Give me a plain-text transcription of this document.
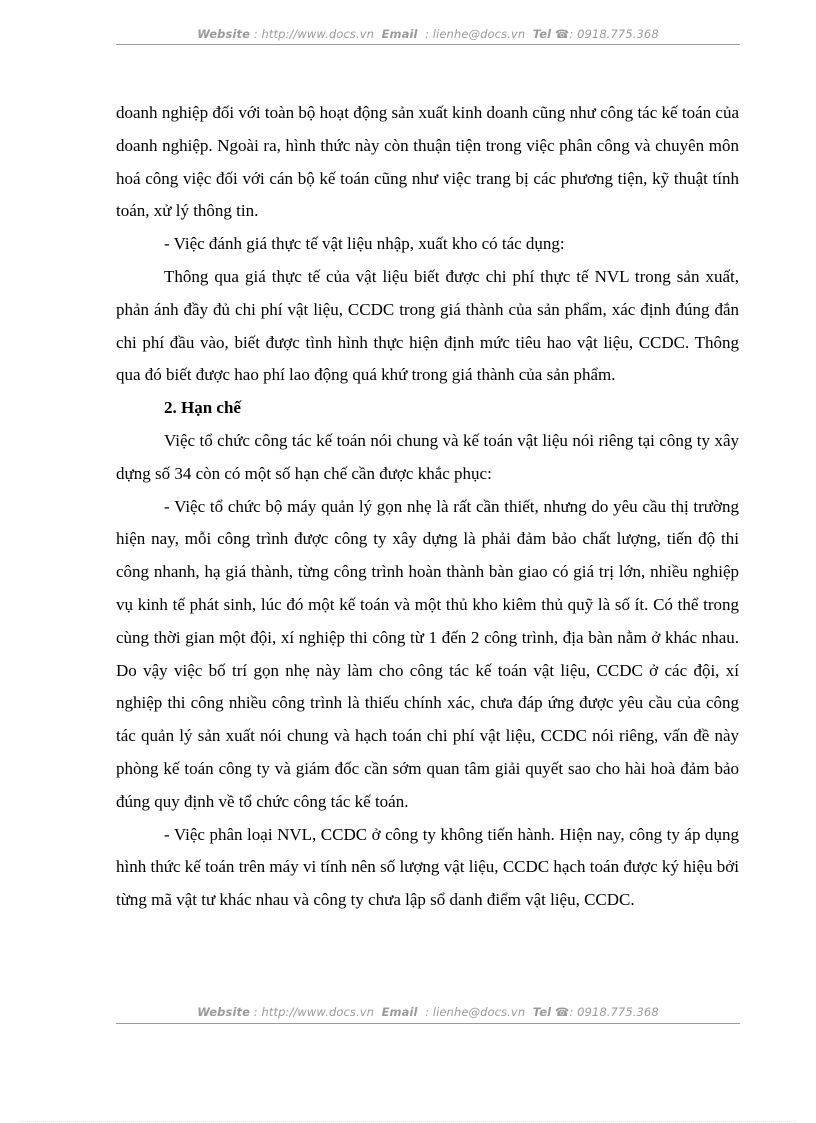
Website : http://www.docs.vn Email : lienhe@docs.vn Tel ☎: 0918.775.368

doanh nghiệp đối với toàn bộ hoạt động sản xuất kinh doanh cũng như công tác kế toán của doanh nghiệp. Ngoài ra, hình thức này còn thuận tiện trong việc phân công và chuyên môn hoá công việc đối với cán bộ kế toán cũng như việc trang bị các phương tiện, kỹ thuật tính toán, xử lý thông tin.

- Việc đánh giá thực tế vật liệu nhập, xuất kho có tác dụng:

Thông qua giá thực tế của vật liệu biết được chi phí thực tế NVL trong sản xuất, phản ánh đầy đủ chi phí vật liệu, CCDC trong giá thành của sản phẩm, xác định đúng đắn chi phí đầu vào, biết được tình hình thực hiện định mức tiêu hao vật liệu, CCDC. Thông qua đó biết được hao phí lao động quá khứ trong giá thành của sản phẩm.

2. Hạn chế

Việc tổ chức công tác kế toán nói chung và kế toán vật liệu nói riêng tại công ty xây dựng số 34 còn có một số hạn chế cần được khắc phục:

- Việc tổ chức bộ máy quản lý gọn nhẹ là rất cần thiết, nhưng do yêu cầu thị trường hiện nay, mỗi công trình được công ty xây dựng là phải đảm bảo chất lượng, tiến độ thi công nhanh, hạ giá thành, từng công trình hoàn thành bàn giao có giá trị lớn, nhiều nghiệp vụ kinh tế phát sinh, lúc đó một kế toán và một thủ kho kiêm thủ quỹ là số ít. Có thể trong cùng thời gian một đội, xí nghiệp thi công từ 1 đến 2 công trình, địa bàn nằm ở khác nhau. Do vậy việc bố trí gọn nhẹ này làm cho công tác kế toán vật liệu, CCDC ở các đội, xí nghiệp thi công nhiều công trình là thiếu chính xác, chưa đáp ứng được yêu cầu của công tác quản lý sản xuất nói chung và hạch toán chi phí vật liệu, CCDC nói riêng, vấn đề này phòng kế toán công ty và giám đốc cần sớm quan tâm giải quyết sao cho hài hoà đảm bảo đúng quy định về tổ chức công tác kế toán.

- Việc phân loại NVL, CCDC ở công ty không tiến hành. Hiện nay, công ty áp dụng hình thức kế toán trên máy vi tính nên số lượng vật liệu, CCDC hạch toán được ký hiệu bởi từng mã vật tư khác nhau và công ty chưa lập sổ danh điểm vật liệu, CCDC.

Website : http://www.docs.vn Email : lienhe@docs.vn Tel ☎: 0918.775.368
